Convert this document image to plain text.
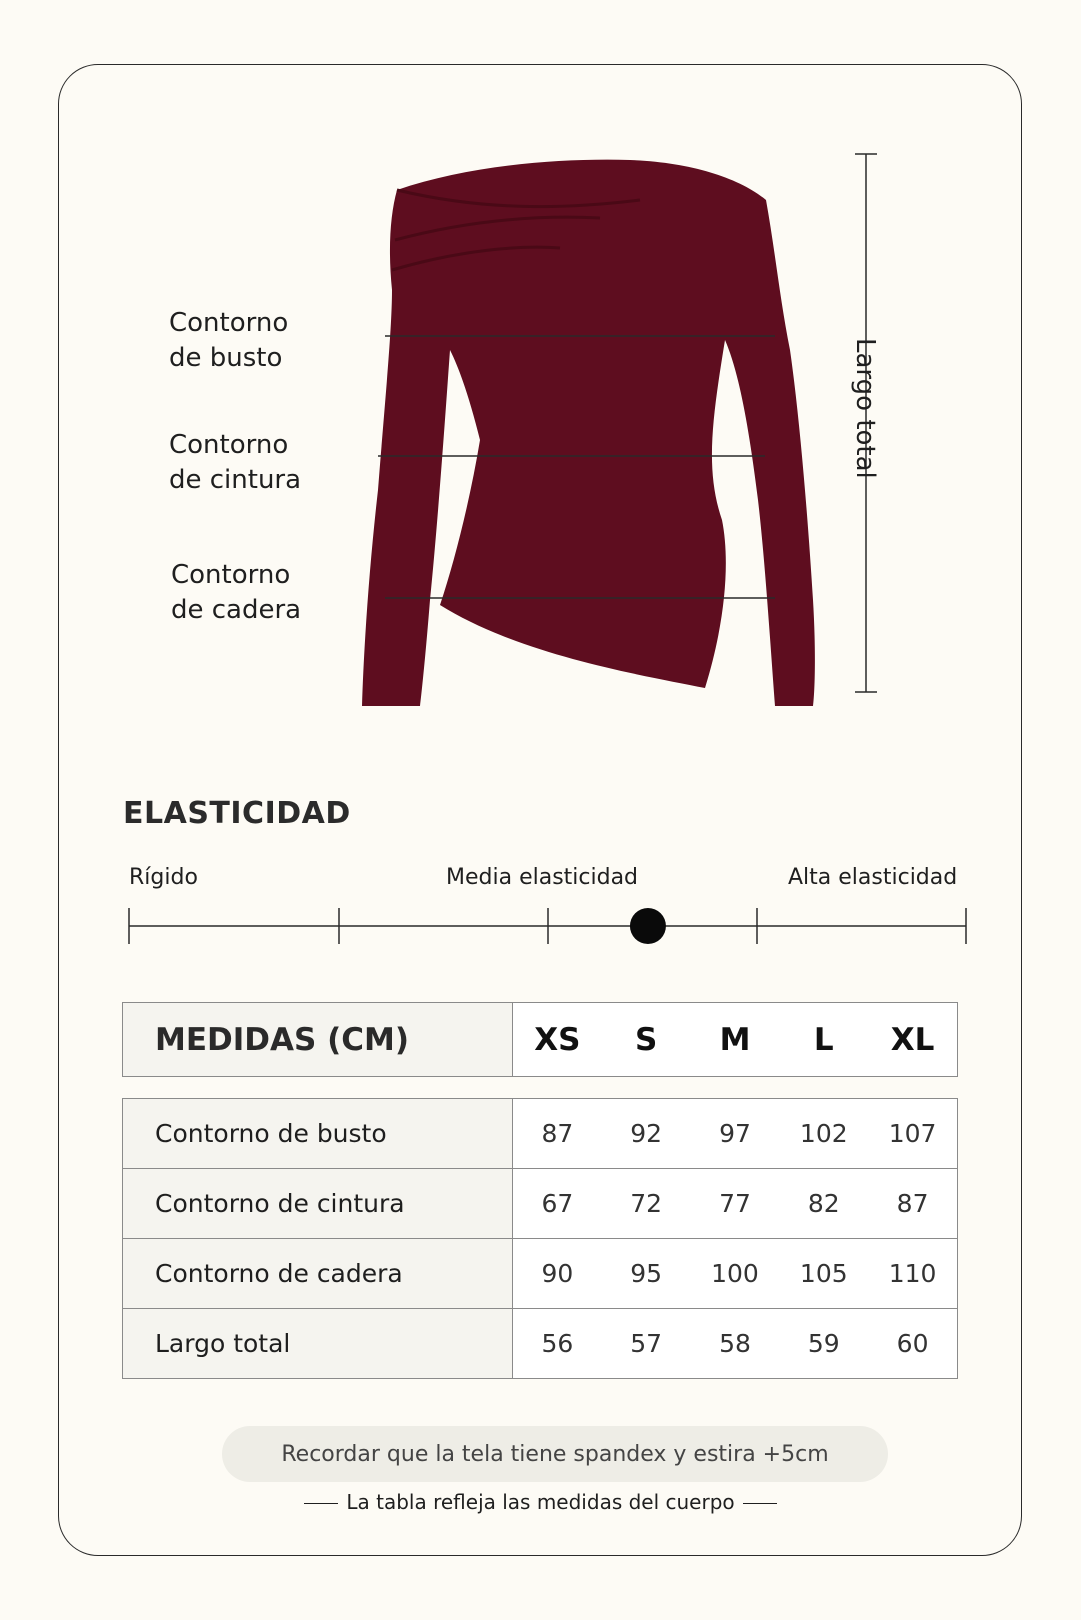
Contorno
de busto
Contorno
de cintura
Contorno
de cadera
Largo total
ELASTICIDAD
Rígido	Media elasticidad	Alta elasticidad
MEDIDAS (CM)	XS	S	M	L	XL
Contorno de busto	87 92 97 102 107

Contorno de cintura	67 72 77 82 87

Contorno de cadera	90 95 100 105 110

Largo total	56 57 58 59 60
Recordar que la tela tiene spandex y estira +5cm
La tabla refleja las medidas del cuerpo
